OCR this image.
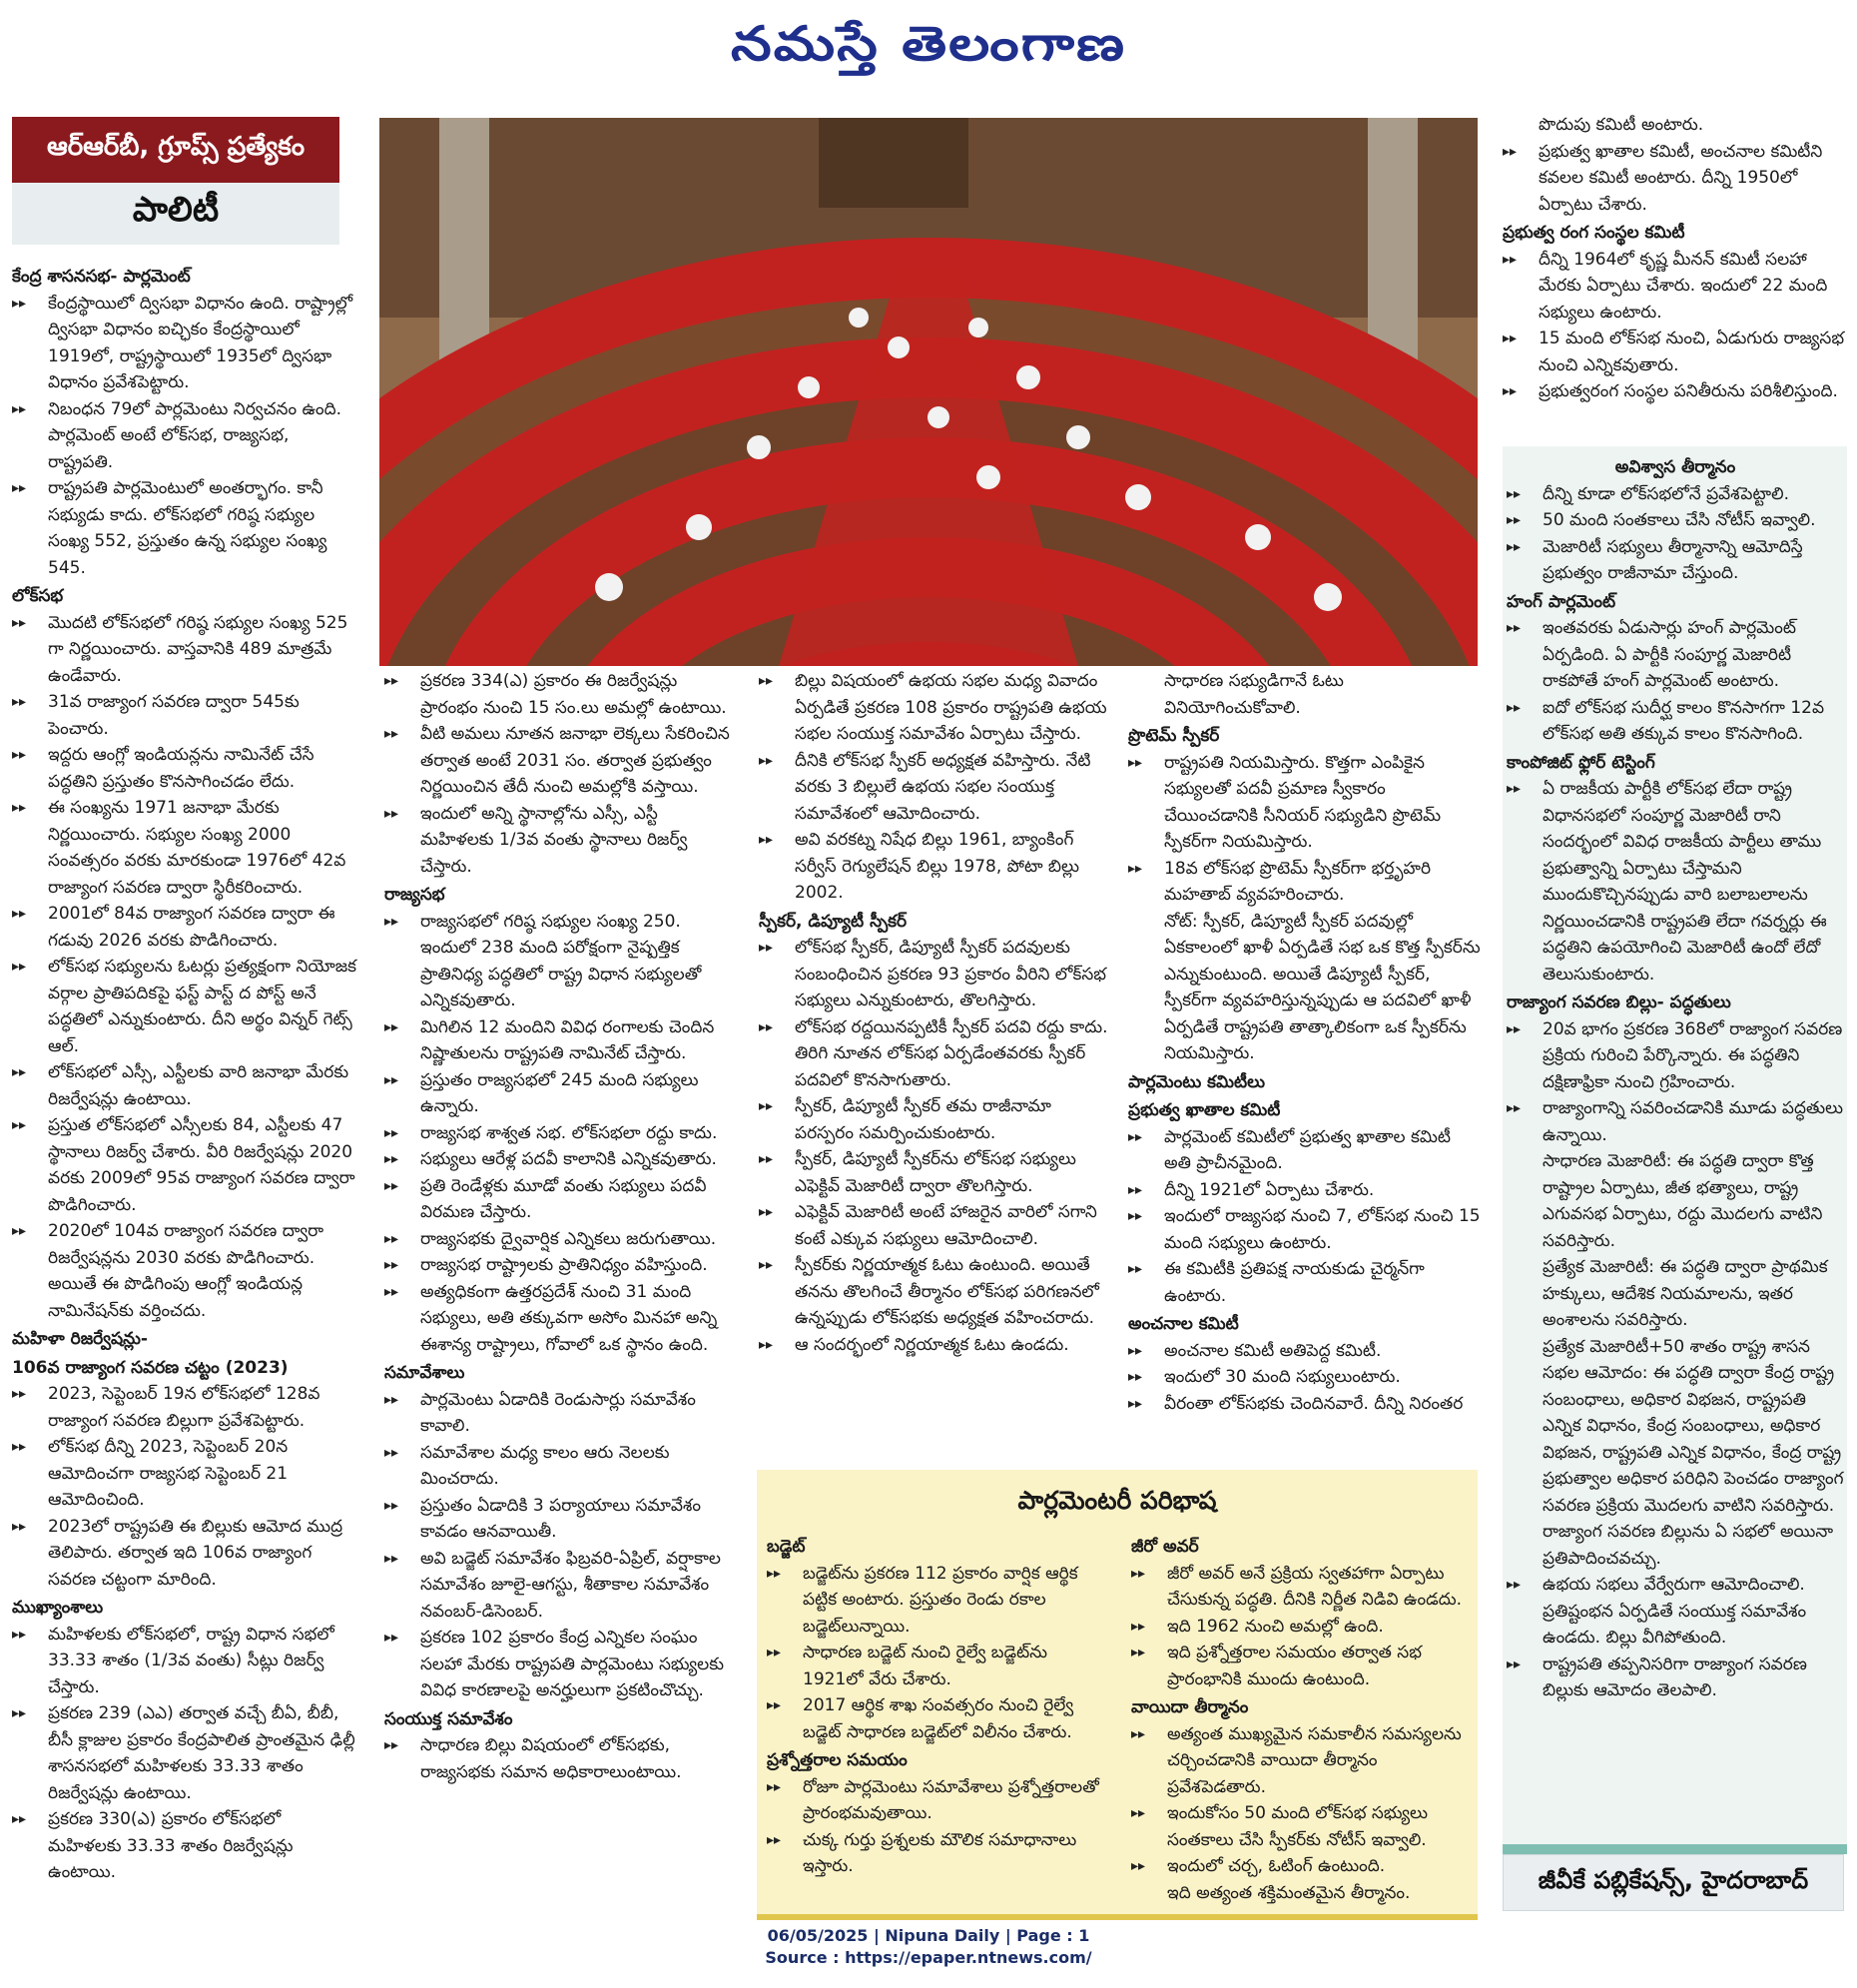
నమస్తే తెలంగాణ
ఆర్ఆర్‌బీ, గ్రూప్స్ ప్రత్యేకం
పాలిటీ
కేంద్ర శాసనసభ- పార్లమెంట్
▸▸ కేంద్రస్థాయిలో ద్విసభా విధానం ఉంది. రాష్ట్రాల్లో ద్విసభా విధానం ఐచ్ఛికం కేంద్రస్థాయిలో 1919లో, రాష్ట్రస్థాయిలో 1935లో ద్విసభా విధానం ప్రవేశపెట్టారు.
▸▸ నిబంధన 79లో పార్లమెంటు నిర్వచనం ఉంది. పార్లమెంట్ అంటే లోక్‌సభ, రాజ్యసభ, రాష్ట్రపతి.
▸▸ రాష్ట్రపతి పార్లమెంటులో అంతర్భాగం. కానీ సభ్యుడు కాదు. లోక్‌సభలో గరిష్ఠ సభ్యుల సంఖ్య 552, ప్రస్తుతం ఉన్న సభ్యుల సంఖ్య 545.
లోక్‌సభ
▸▸ మొదటి లోక్‌సభలో గరిష్ఠ సభ్యుల సంఖ్య 525 గా నిర్ణయించారు. వాస్తవానికి 489 మాత్రమే ఉండేవారు.
▸▸ 31వ రాజ్యాంగ సవరణ ద్వారా 545కు పెంచారు.
▸▸ ఇద్దరు ఆంగ్లో ఇండియన్లను నామినేట్ చేసే పద్ధతిని ప్రస్తుతం కొనసాగించడం లేదు.
▸▸ ఈ సంఖ్యను 1971 జనాభా మేరకు నిర్ణయించారు. సభ్యుల సంఖ్య 2000 సంవత్సరం వరకు మారకుండా 1976లో 42వ రాజ్యాంగ సవరణ ద్వారా స్థిరీకరించారు.
▸▸ 2001లో 84వ రాజ్యాంగ సవరణ ద్వారా ఈ గడువు 2026 వరకు పొడిగించారు.
▸▸ లోక్‌సభ సభ్యులను ఓటర్లు ప్రత్యక్షంగా నియోజక వర్గాల ప్రాతిపదికపై ఫస్ట్ పాస్ట్ ద పోస్ట్ అనే పద్ధతిలో ఎన్నుకుంటారు. దీని అర్థం విన్నర్ గెట్స్ ఆల్.
▸▸ లోక్‌సభలో ఎస్సీ, ఎస్టీలకు వారి జనాభా మేరకు రిజర్వేషన్లు ఉంటాయి.
▸▸ ప్రస్తుత లోక్‌సభలో ఎస్సీలకు 84, ఎస్టీలకు 47 స్థానాలు రిజర్వ్ చేశారు. వీరి రిజర్వేషన్లు 2020 వరకు 2009లో 95వ రాజ్యాంగ సవరణ ద్వారా పొడిగించారు.
▸▸ 2020లో 104వ రాజ్యాంగ సవరణ ద్వారా రిజర్వేషన్లను 2030 వరకు పొడిగించారు. అయితే ఈ పొడిగింపు ఆంగ్లో ఇండియన్ల నామినేషన్‌కు వర్తించదు.
మహిళా రిజర్వేషన్లు-
106వ రాజ్యాంగ సవరణ చట్టం (2023)
▸▸ 2023, సెప్టెంబర్ 19న లోక్‌సభలో 128వ రాజ్యాంగ సవరణ బిల్లుగా ప్రవేశపెట్టారు.
▸▸ లోక్‌సభ దీన్ని 2023, సెప్టెంబర్ 20న ఆమోదించగా రాజ్యసభ సెప్టెంబర్ 21 ఆమోదించింది.
▸▸ 2023లో రాష్ట్రపతి ఈ బిల్లుకు ఆమోద ముద్ర తెలిపారు. తర్వాత ఇది 106వ రాజ్యాంగ సవరణ చట్టంగా మారింది.
ముఖ్యాంశాలు
▸▸ మహిళలకు లోక్‌సభలో, రాష్ట్ర విధాన సభలో 33.33 శాతం (1/3వ వంతు) సీట్లు రిజర్వ్ చేస్తారు.
▸▸ ప్రకరణ 239 (ఎఎ) తర్వాత వచ్చే బీఏ, బీబీ, బీసీ క్లాజుల ప్రకారం కేంద్రపాలిత ప్రాంతమైన ఢిల్లీ శాసనసభలో మహిళలకు 33.33 శాతం రిజర్వేషన్లు ఉంటాయి.
▸▸ ప్రకరణ 330(ఎ) ప్రకారం లోక్‌సభలో మహిళలకు 33.33 శాతం రిజర్వేషన్లు ఉంటాయి.
▸▸ ప్రకరణ 334(ఎ) ప్రకారం ఈ రిజర్వేషన్లు ప్రారంభం నుంచి 15 సం.లు అమల్లో ఉంటాయి.
▸▸ వీటి అమలు నూతన జనాభా లెక్కలు సేకరించిన తర్వాత అంటే 2031 సం. తర్వాత ప్రభుత్వం నిర్ణయించిన తేదీ నుంచి అమల్లోకి వస్తాయి.
▸▸ ఇందులో అన్ని స్థానాల్లోను ఎస్సీ, ఎస్టీ మహిళలకు 1/3వ వంతు స్థానాలు రిజర్వ్ చేస్తారు.
రాజ్యసభ
▸▸ రాజ్యసభలో గరిష్ఠ సభ్యుల సంఖ్య 250. ఇందులో 238 మంది పరోక్షంగా నైష్పత్తిక ప్రాతినిధ్య పద్ధతిలో రాష్ట్ర విధాన సభ్యులతో ఎన్నికవుతారు.
▸▸ మిగిలిన 12 మందిని వివిధ రంగాలకు చెందిన నిష్ణాతులను రాష్ట్రపతి నామినేట్ చేస్తారు.
▸▸ ప్రస్తుతం రాజ్యసభలో 245 మంది సభ్యులు ఉన్నారు.
▸▸ రాజ్యసభ శాశ్వత సభ. లోక్‌సభలా రద్దు కాదు.
▸▸ సభ్యులు ఆరేళ్ల పదవీ కాలానికి ఎన్నికవుతారు.
▸▸ ప్రతి రెండేళ్లకు మూడో వంతు సభ్యులు పదవీ విరమణ చేస్తారు.
▸▸ రాజ్యసభకు ద్వైవార్షిక ఎన్నికలు జరుగుతాయి.
▸▸ రాజ్యసభ రాష్ట్రాలకు ప్రాతినిధ్యం వహిస్తుంది.
▸▸ అత్యధికంగా ఉత్తరప్రదేశ్ నుంచి 31 మంది సభ్యులు, అతి తక్కువగా అసోం మినహా అన్ని ఈశాన్య రాష్ట్రాలు, గోవాలో ఒక స్థానం ఉంది.
సమావేశాలు
▸▸ పార్లమెంటు ఏడాదికి రెండుసార్లు సమావేశం కావాలి.
▸▸ సమావేశాల మధ్య కాలం ఆరు నెలలకు మించరాదు.
▸▸ ప్రస్తుతం ఏడాదికి 3 పర్యాయాలు సమావేశం కావడం ఆనవాయితీ.
▸▸ అవి బడ్జెట్ సమావేశం ఫిబ్రవరి-ఏప్రిల్, వర్షాకాల సమావేశం జూలై-ఆగస్టు, శీతాకాల సమావేశం నవంబర్-డిసెంబర్.
▸▸ ప్రకరణ 102 ప్రకారం కేంద్ర ఎన్నికల సంఘం సలహా మేరకు రాష్ట్రపతి పార్లమెంటు సభ్యులకు వివిధ కారణాలపై అనర్హులుగా ప్రకటించొచ్చు.
సంయుక్త సమావేశం
▸▸ సాధారణ బిల్లు విషయంలో లోక్‌సభకు, రాజ్యసభకు సమాన అధికారాలుంటాయి.
▸▸ బిల్లు విషయంలో ఉభయ సభల మధ్య వివాదం ఏర్పడితే ప్రకరణ 108 ప్రకారం రాష్ట్రపతి ఉభయ సభల సంయుక్త సమావేశం ఏర్పాటు చేస్తారు.
▸▸ దీనికి లోక్‌సభ స్పీకర్ అధ్యక్షత వహిస్తారు. నేటి వరకు 3 బిల్లులే ఉభయ సభల సంయుక్త సమావేశంలో ఆమోదించారు.
▸▸ అవి వరకట్న నిషేధ బిల్లు 1961, బ్యాంకింగ్ సర్వీస్ రెగ్యులేషన్ బిల్లు 1978, పోటా బిల్లు 2002.
స్పీకర్, డిప్యూటీ స్పీకర్
▸▸ లోక్‌సభ స్పీకర్, డిప్యూటీ స్పీకర్ పదవులకు సంబంధించిన ప్రకరణ 93 ప్రకారం వీరిని లోక్‌సభ సభ్యులు ఎన్నుకుంటారు, తొలగిస్తారు.
▸▸ లోక్‌సభ రద్దయినప్పటికీ స్పీకర్ పదవి రద్దు కాదు. తిరిగి నూతన లోక్‌సభ ఏర్పడేంతవరకు స్పీకర్ పదవిలో కొనసాగుతారు.
▸▸ స్పీకర్, డిప్యూటీ స్పీకర్ తమ రాజీనామా పరస్పరం సమర్పించుకుంటారు.
▸▸ స్పీకర్, డిప్యూటీ స్పీకర్‌ను లోక్‌సభ సభ్యులు ఎఫెక్టివ్ మెజారిటీ ద్వారా తొలగిస్తారు.
▸▸ ఎఫెక్టివ్ మెజారిటీ అంటే హాజరైన వారిలో సగాని కంటే ఎక్కువ సభ్యులు ఆమోదించాలి.
▸▸ స్పీకర్‌కు నిర్ణయాత్మక ఓటు ఉంటుంది. అయితే తనను తొలగించే తీర్మానం లోక్‌సభ పరిగణనలో ఉన్నప్పుడు లోక్‌సభకు అధ్యక్షత వహించరాదు.
▸▸ ఆ సందర్భంలో నిర్ణయాత్మక ఓటు ఉండదు.
సాధారణ సభ్యుడిగానే ఓటు వినియోగించుకోవాలి.
ప్రొటెమ్ స్పీకర్
▸▸ రాష్ట్రపతి నియమిస్తారు. కొత్తగా ఎంపికైన సభ్యులతో పదవీ ప్రమాణ స్వీకారం చేయించడానికి సీనియర్ సభ్యుడిని ప్రొటెమ్ స్పీకర్‌గా నియమిస్తారు.
▸▸ 18వ లోక్‌సభ ప్రొటెమ్ స్పీకర్‌గా భర్తృహరి మహతాబ్ వ్యవహరించారు.
నోట్: స్పీకర్, డిప్యూటీ స్పీకర్ పదవుల్లో ఏకకాలంలో ఖాళీ ఏర్పడితే సభ ఒక కొత్త స్పీకర్‌ను ఎన్నుకుంటుంది. అయితే డిప్యూటీ స్పీకర్, స్పీకర్‌గా వ్యవహరిస్తున్నప్పుడు ఆ పదవిలో ఖాళీ ఏర్పడితే రాష్ట్రపతి తాత్కాలికంగా ఒక స్పీకర్‌ను నియమిస్తారు.
పార్లమెంటు కమిటీలు
ప్రభుత్వ ఖాతాల కమిటీ
▸▸ పార్లమెంట్ కమిటీలో ప్రభుత్వ ఖాతాల కమిటీ అతి ప్రాచీనమైంది.
▸▸ దీన్ని 1921లో ఏర్పాటు చేశారు.
▸▸ ఇందులో రాజ్యసభ నుంచి 7, లోక్‌సభ నుంచి 15 మంది సభ్యులు ఉంటారు.
▸▸ ఈ కమిటీకి ప్రతిపక్ష నాయకుడు చైర్మన్‌గా ఉంటారు.
అంచనాల కమిటీ
▸▸ అంచనాల కమిటీ అతిపెద్ద కమిటీ.
▸▸ ఇందులో 30 మంది సభ్యులుంటారు.
▸▸ వీరంతా లోక్‌సభకు చెందినవారే. దీన్ని నిరంతర
పార్లమెంటరీ పరిభాష
బడ్జెట్
▸▸ బడ్జెట్‌ను ప్రకరణ 112 ప్రకారం వార్షిక ఆర్థిక పట్టిక అంటారు. ప్రస్తుతం రెండు రకాల బడ్జెట్‌లున్నాయి.
▸▸ సాధారణ బడ్జెట్ నుంచి రైల్వే బడ్జెట్‌ను 1921లో వేరు చేశారు.
▸▸ 2017 ఆర్థిక శాఖ సంవత్సరం నుంచి రైల్వే బడ్జెట్ సాధారణ బడ్జెట్‌లో విలీనం చేశారు.
ప్రశ్నోత్తరాల సమయం
▸▸ రోజూ పార్లమెంటు సమావేశాలు ప్రశ్నోత్తరాలతో ప్రారంభమవుతాయి.
▸▸ చుక్క గుర్తు ప్రశ్నలకు మౌలిక సమాధానాలు ఇస్తారు.
జీరో అవర్
▸▸ జీరో అవర్ అనే ప్రక్రియ స్వతహాగా ఏర్పాటు చేసుకున్న పద్ధతి. దీనికి నిర్ణీత నిడివి ఉండదు.
▸▸ ఇది 1962 నుంచి అమల్లో ఉంది.
▸▸ ఇది ప్రశ్నోత్తరాల సమయం తర్వాత సభ ప్రారంభానికి ముందు ఉంటుంది.
వాయిదా తీర్మానం
▸▸ అత్యంత ముఖ్యమైన సమకాలీన సమస్యలను చర్చించడానికి వాయిదా తీర్మానం ప్రవేశపెడతారు.
▸▸ ఇందుకోసం 50 మంది లోక్‌సభ సభ్యులు సంతకాలు చేసి స్పీకర్‌కు నోటీస్ ఇవ్వాలి.
▸▸ ఇందులో చర్చ, ఓటింగ్ ఉంటుంది.
ఇది అత్యంత శక్తిమంతమైన తీర్మానం.
పొదుపు కమిటీ అంటారు.
▸▸ ప్రభుత్వ ఖాతాల కమిటీ, అంచనాల కమిటీని కవలల కమిటీ అంటారు. దీన్ని 1950లో ఏర్పాటు చేశారు.
ప్రభుత్వ రంగ సంస్థల కమిటీ
▸▸ దీన్ని 1964లో కృష్ణ మీనన్ కమిటీ సలహా మేరకు ఏర్పాటు చేశారు. ఇందులో 22 మంది సభ్యులు ఉంటారు.
▸▸ 15 మంది లోక్‌సభ నుంచి, ఏడుగురు రాజ్యసభ నుంచి ఎన్నికవుతారు.
▸▸ ప్రభుత్వరంగ సంస్థల పనితీరును పరిశీలిస్తుంది.
అవిశ్వాస తీర్మానం
▸▸ దీన్ని కూడా లోక్‌సభలోనే ప్రవేశపెట్టాలి.
▸▸ 50 మంది సంతకాలు చేసి నోటీస్ ఇవ్వాలి.
▸▸ మెజారిటీ సభ్యులు తీర్మానాన్ని ఆమోదిస్తే ప్రభుత్వం రాజీనామా చేస్తుంది.
హంగ్ పార్లమెంట్
▸▸ ఇంతవరకు ఏడుసార్లు హంగ్ పార్లమెంట్ ఏర్పడింది. ఏ పార్టీకి సంపూర్ణ మెజారిటీ రాకపోతే హంగ్ పార్లమెంట్ అంటారు.
▸▸ ఐదో లోక్‌సభ సుదీర్ఘ కాలం కొనసాగగా 12వ లోక్‌సభ అతి తక్కువ కాలం కొనసాగింది.
కాంపోజిట్ ఫ్లోర్ టెస్టింగ్
▸▸ ఏ రాజకీయ పార్టీకి లోక్‌సభ లేదా రాష్ట్ర విధానసభలో సంపూర్ణ మెజారిటీ రాని సందర్భంలో వివిధ రాజకీయ పార్టీలు తాము ప్రభుత్వాన్ని ఏర్పాటు చేస్తామని ముందుకొచ్చినప్పుడు వారి బలాబలాలను నిర్ణయించడానికి రాష్ట్రపతి లేదా గవర్నర్లు ఈ పద్ధతిని ఉపయోగించి మెజారిటీ ఉందో లేదో తెలుసుకుంటారు.
రాజ్యాంగ సవరణ బిల్లు- పద్ధతులు
▸▸ 20వ భాగం ప్రకరణ 368లో రాజ్యాంగ సవరణ ప్రక్రియ గురించి పేర్కొన్నారు. ఈ పద్ధతిని దక్షిణాఫ్రికా నుంచి గ్రహించారు.
▸▸ రాజ్యాంగాన్ని సవరించడానికి మూడు పద్ధతులు ఉన్నాయి.
సాధారణ మెజారిటీ: ఈ పద్ధతి ద్వారా కొత్త రాష్ట్రాల ఏర్పాటు, జీత భత్యాలు, రాష్ట్ర ఎగువసభ ఏర్పాటు, రద్దు మొదలగు వాటిని సవరిస్తారు.
ప్రత్యేక మెజారిటీ: ఈ పద్ధతి ద్వారా ప్రాథమిక హక్కులు, ఆదేశిక నియమాలను, ఇతర అంశాలను సవరిస్తారు.
ప్రత్యేక మెజారిటీ+50 శాతం రాష్ట్ర శాసన సభల ఆమోదం: ఈ పద్ధతి ద్వారా కేంద్ర రాష్ట్ర సంబంధాలు, అధికార విభజన, రాష్ట్రపతి ఎన్నిక విధానం, కేంద్ర సంబంధాలు, అధికార విభజన, రాష్ట్రపతి ఎన్నిక విధానం, కేంద్ర రాష్ట్ర ప్రభుత్వాల అధికార పరిధిని పెంచడం రాజ్యాంగ సవరణ ప్రక్రియ మొదలగు వాటిని సవరిస్తారు. రాజ్యాంగ సవరణ బిల్లును ఏ సభలో అయినా ప్రతిపాదించవచ్చు.
▸▸ ఉభయ సభలు వేర్వేరుగా ఆమోదించాలి. ప్రతిష్టంభన ఏర్పడితే సంయుక్త సమావేశం ఉండదు. బిల్లు వీగిపోతుంది.
▸▸ రాష్ట్రపతి తప్పనిసరిగా రాజ్యాంగ సవరణ బిల్లుకు ఆమోదం తెలపాలి.
జీవీకే పబ్లికేషన్స్, హైదరాబాద్
06/05/2025 | Nipuna Daily | Page : 1
Source : https://epaper.ntnews.com/
